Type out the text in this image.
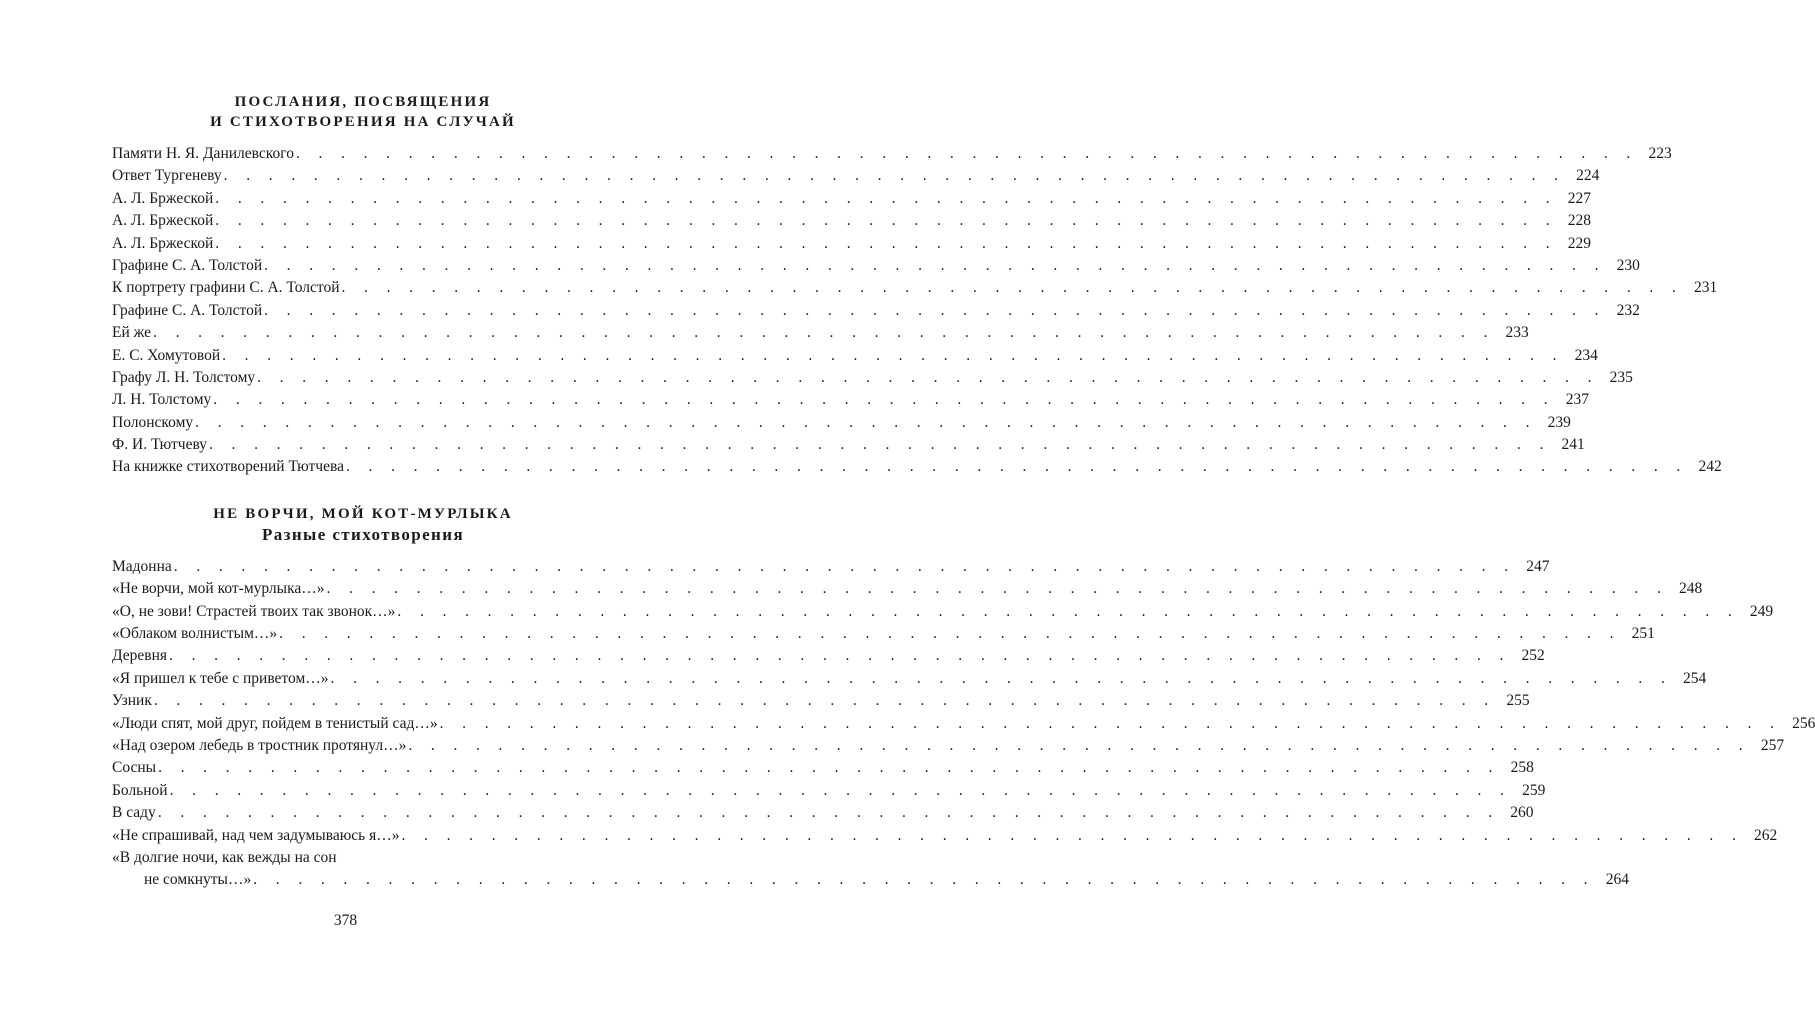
ПОСЛАНИЯ, ПОСВЯЩЕНИЯ
И СТИХОТВОРЕНИЯ НА СЛУЧАЙ
Памяти Н. Я. Данилевского . . . . . . . . . . . . . . . . . . . . . . . . . . . . . . . . . . . . . . . . . . . . . . . . . . . . . . . . . . . . 223
Ответ Тургеневу . . . . . . . . . . . . . . . . . . . . . . . . . . . . . . . . . . . . . . . . . . . . . . . . . . . . . . . . . . . . 224
А. Л. Бржеской . . . . . . . . . . . . . . . . . . . . . . . . . . . . . . . . . . . . . . . . . . . . . . . . . . . . . . . . . . . . 227
А. Л. Бржеской . . . . . . . . . . . . . . . . . . . . . . . . . . . . . . . . . . . . . . . . . . . . . . . . . . . . . . . . . . . . 228
А. Л. Бржеской . . . . . . . . . . . . . . . . . . . . . . . . . . . . . . . . . . . . . . . . . . . . . . . . . . . . . . . . . . . . 229
Графине С. А. Толстой . . . . . . . . . . . . . . . . . . . . . . . . . . . . . . . . . . . . . . . . . . . . . . . . . . . . . . . . . . . . 230
К портрету графини С. А. Толстой . . . . . . . . . . . . . . . . . . . . . . . . . . . . . . . . . . . . . . . . . . . . . . . . . . . . . . . . . . . . 231
Графине С. А. Толстой . . . . . . . . . . . . . . . . . . . . . . . . . . . . . . . . . . . . . . . . . . . . . . . . . . . . . . . . . . . . 232
Ей же . . . . . . . . . . . . . . . . . . . . . . . . . . . . . . . . . . . . . . . . . . . . . . . . . . . . . . . . . . . . 233
Е. С. Хомутовой . . . . . . . . . . . . . . . . . . . . . . . . . . . . . . . . . . . . . . . . . . . . . . . . . . . . . . . . . . . . 234
Графу Л. Н. Толстому . . . . . . . . . . . . . . . . . . . . . . . . . . . . . . . . . . . . . . . . . . . . . . . . . . . . . . . . . . . . 235
Л. Н. Толстому . . . . . . . . . . . . . . . . . . . . . . . . . . . . . . . . . . . . . . . . . . . . . . . . . . . . . . . . . . . . 237
Полонскому . . . . . . . . . . . . . . . . . . . . . . . . . . . . . . . . . . . . . . . . . . . . . . . . . . . . . . . . . . . . 239
Ф. И. Тютчеву . . . . . . . . . . . . . . . . . . . . . . . . . . . . . . . . . . . . . . . . . . . . . . . . . . . . . . . . . . . . 241
На книжке стихотворений Тютчева . . . . . . . . . . . . . . . . . . . . . . . . . . . . . . . . . . . . . . . . . . . . . . . . . . . . . . . . . . . . 242
НЕ ВОРЧИ, МОЙ КОТ-МУРЛЫКА
Разные стихотворения
Мадонна . . . . . . . . . . . . . . . . . . . . . . . . . . . . . . . . . . . . . . . . . . . . . . . . . . . . . . . . . . . . 247
«Не ворчи, мой кот-мурлыка…» . . . . . . . . . . . . . . . . . . . . . . . . . . . . . . . . . . . . . . . . . . . . . . . . . . . . . . . . . . . . 248
«О, не зови! Страстей твоих так звонок…» . . . . . . . . . . . . . . . . . . . . . . . . . . . . . . . . . . . . . . . . . . . . . . . . . . . . . . . . . . . . 249
«Облаком волнистым…» . . . . . . . . . . . . . . . . . . . . . . . . . . . . . . . . . . . . . . . . . . . . . . . . . . . . . . . . . . . . 251
Деревня . . . . . . . . . . . . . . . . . . . . . . . . . . . . . . . . . . . . . . . . . . . . . . . . . . . . . . . . . . . . 252
«Я пришел к тебе с приветом…» . . . . . . . . . . . . . . . . . . . . . . . . . . . . . . . . . . . . . . . . . . . . . . . . . . . . . . . . . . . . 254
Узник . . . . . . . . . . . . . . . . . . . . . . . . . . . . . . . . . . . . . . . . . . . . . . . . . . . . . . . . . . . . 255
«Люди спят, мой друг, пойдем в тенистый сад…» . . . . . . . . . . . . . . . . . . . . . . . . . . . . . . . . . . . . . . . . . . . . . . . . . . . . . . . . . . . . 256
«Над озером лебедь в тростник протянул…» . . . . . . . . . . . . . . . . . . . . . . . . . . . . . . . . . . . . . . . . . . . . . . . . . . . . . . . . . . . . 257
Сосны . . . . . . . . . . . . . . . . . . . . . . . . . . . . . . . . . . . . . . . . . . . . . . . . . . . . . . . . . . . . 258
Больной . . . . . . . . . . . . . . . . . . . . . . . . . . . . . . . . . . . . . . . . . . . . . . . . . . . . . . . . . . . . 259
В саду . . . . . . . . . . . . . . . . . . . . . . . . . . . . . . . . . . . . . . . . . . . . . . . . . . . . . . . . . . . . 260
«Не спрашивай, над чем задумываюсь я…» . . . . . . . . . . . . . . . . . . . . . . . . . . . . . . . . . . . . . . . . . . . . . . . . . . . . . . . . . . . . 262
«В долгие ночи, как вежды на сон
не сомкнуты…» . . . . . . . . . . . . . . . . . . . . . . . . . . . . . . . . . . . . . . . . . . . . . . . . . . . . . . . . . . . . 264
378
